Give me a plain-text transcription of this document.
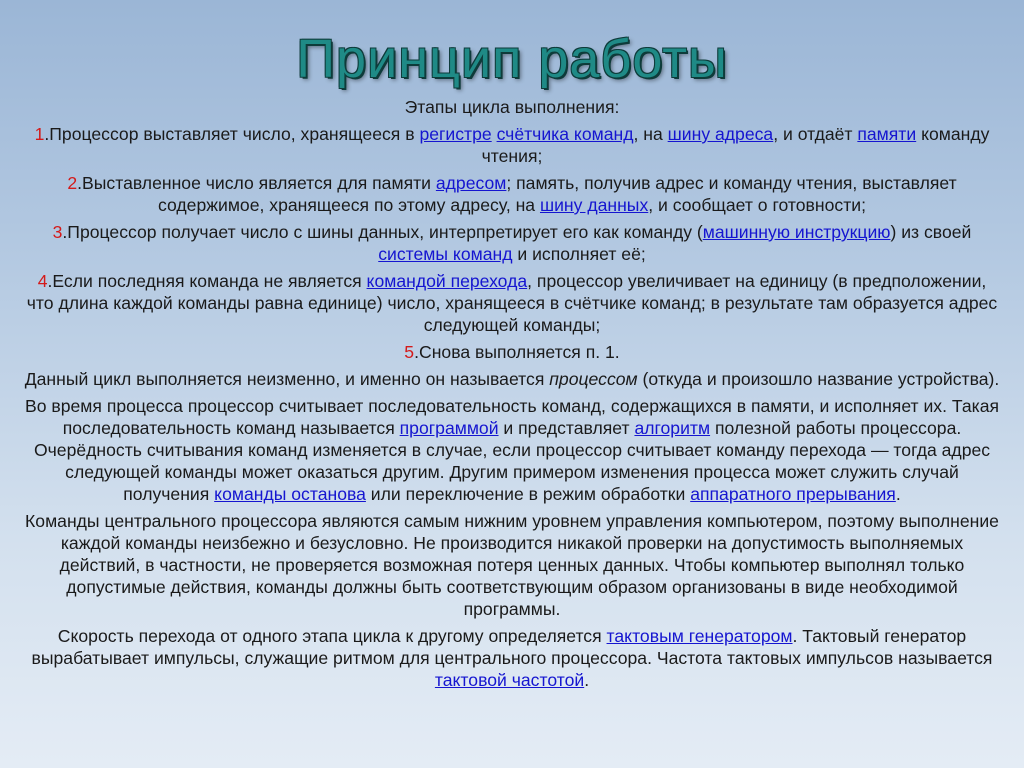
Принцип работы

Этапы цикла выполнения:

1.Процессор выставляет число, хранящееся в регистре счётчика команд, на шину адреса, и отдаёт памяти команду чтения;

2.Выставленное число является для памяти адресом; память, получив адрес и команду чтения, выставляет содержимое, хранящееся по этому адресу, на шину данных, и сообщает о готовности;

3.Процессор получает число с шины данных, интерпретирует его как команду (машинную инструкцию) из своей системы команд и исполняет её;

4.Если последняя команда не является командой перехода, процессор увеличивает на единицу (в предположении, что длина каждой команды равна единице) число, хранящееся в счётчике команд; в результате там образуется адрес следующей команды;

5.Снова выполняется п. 1.

Данный цикл выполняется неизменно, и именно он называется процессом (откуда и произошло название устройства).

Во время процесса процессор считывает последовательность команд, содержащихся в памяти, и исполняет их. Такая последовательность команд называется программой и представляет алгоритм полезной работы процессора. Очерёдность считывания команд изменяется в случае, если процессор считывает команду перехода — тогда адрес следующей команды может оказаться другим. Другим примером изменения процесса может служить случай получения команды останова или переключение в режим обработки аппаратного прерывания.

Команды центрального процессора являются самым нижним уровнем управления компьютером, поэтому выполнение каждой команды неизбежно и безусловно. Не производится никакой проверки на допустимость выполняемых действий, в частности, не проверяется возможная потеря ценных данных. Чтобы компьютер выполнял только допустимые действия, команды должны быть соответствующим образом организованы в виде необходимой программы.

Скорость перехода от одного этапа цикла к другому определяется тактовым генератором. Тактовый генератор вырабатывает импульсы, служащие ритмом для центрального процессора. Частота тактовых импульсов называется тактовой частотой.
